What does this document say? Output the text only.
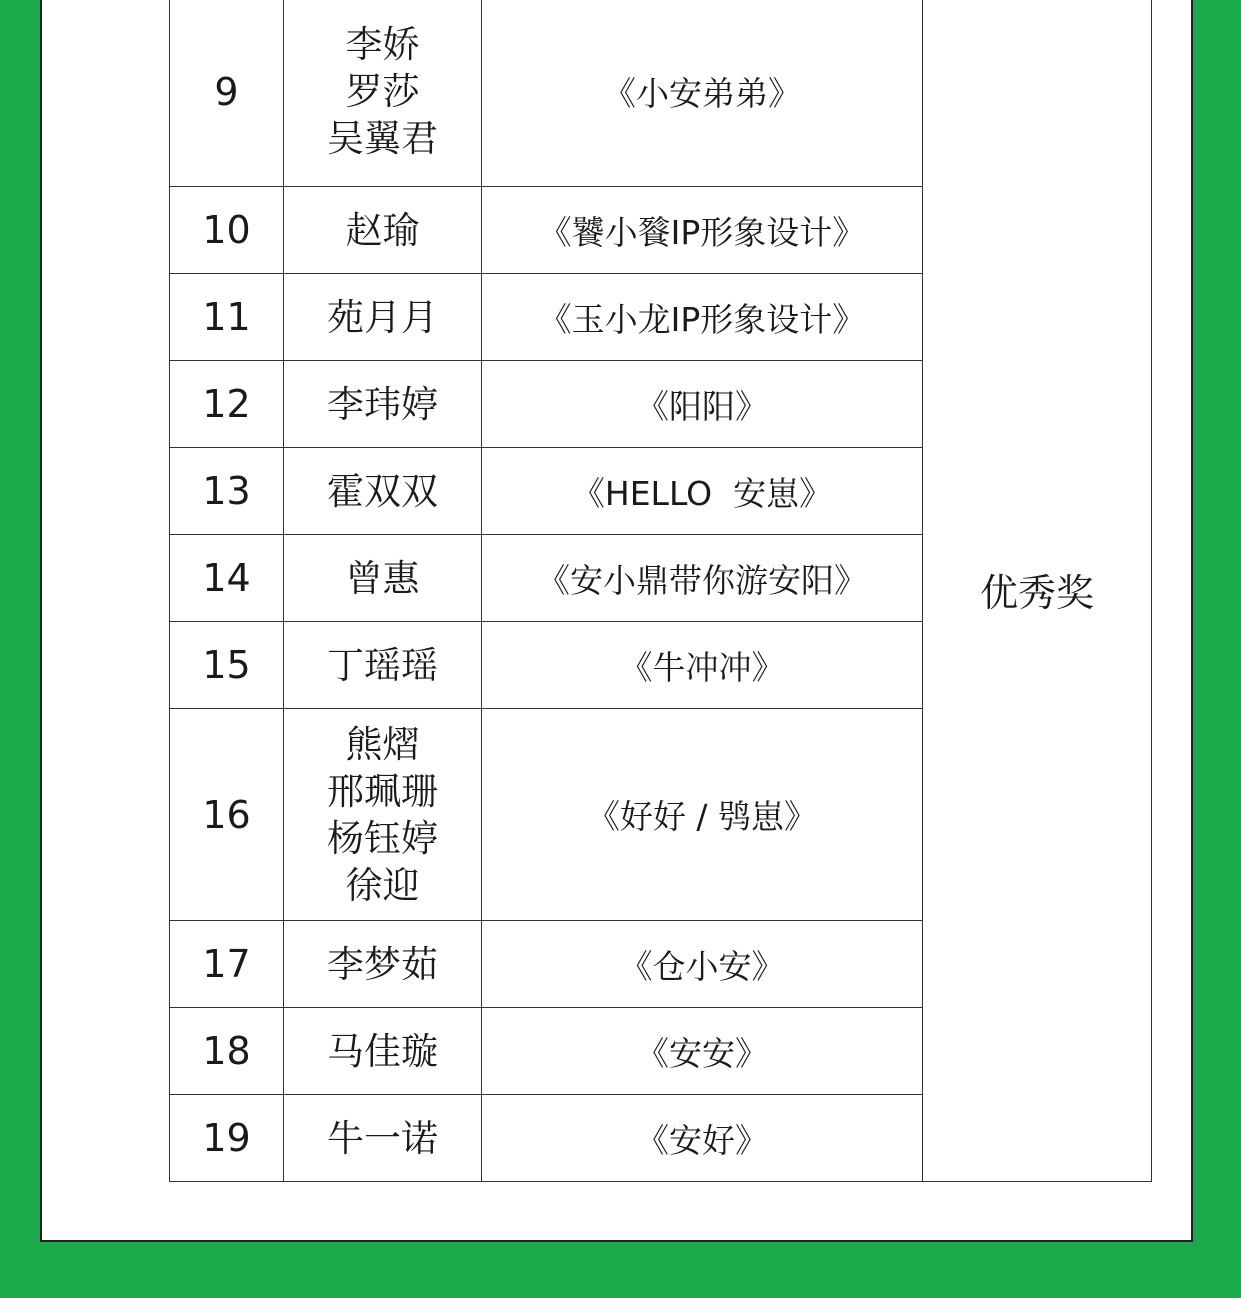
9	李娇
罗莎
吴翼君	《小安弟弟》	优秀奖
10	赵瑜	《饕小餮IP形象设计》	
11	苑月月	《玉小龙IP形象设计》	
12	李玮婷	《阳阳》	
13	霍双双	《HELLO  安崽》	
14	曾惠	《安小鼎带你游安阳》	
15	丁瑶瑶	《牛冲冲》	
16	熊熠
邢珮珊
杨钰婷
徐迎	《好好 / 鸮崽》	
17	李梦茹	《仓小安》	
18	马佳璇	《安安》	
19	牛一诺	《安好》	
